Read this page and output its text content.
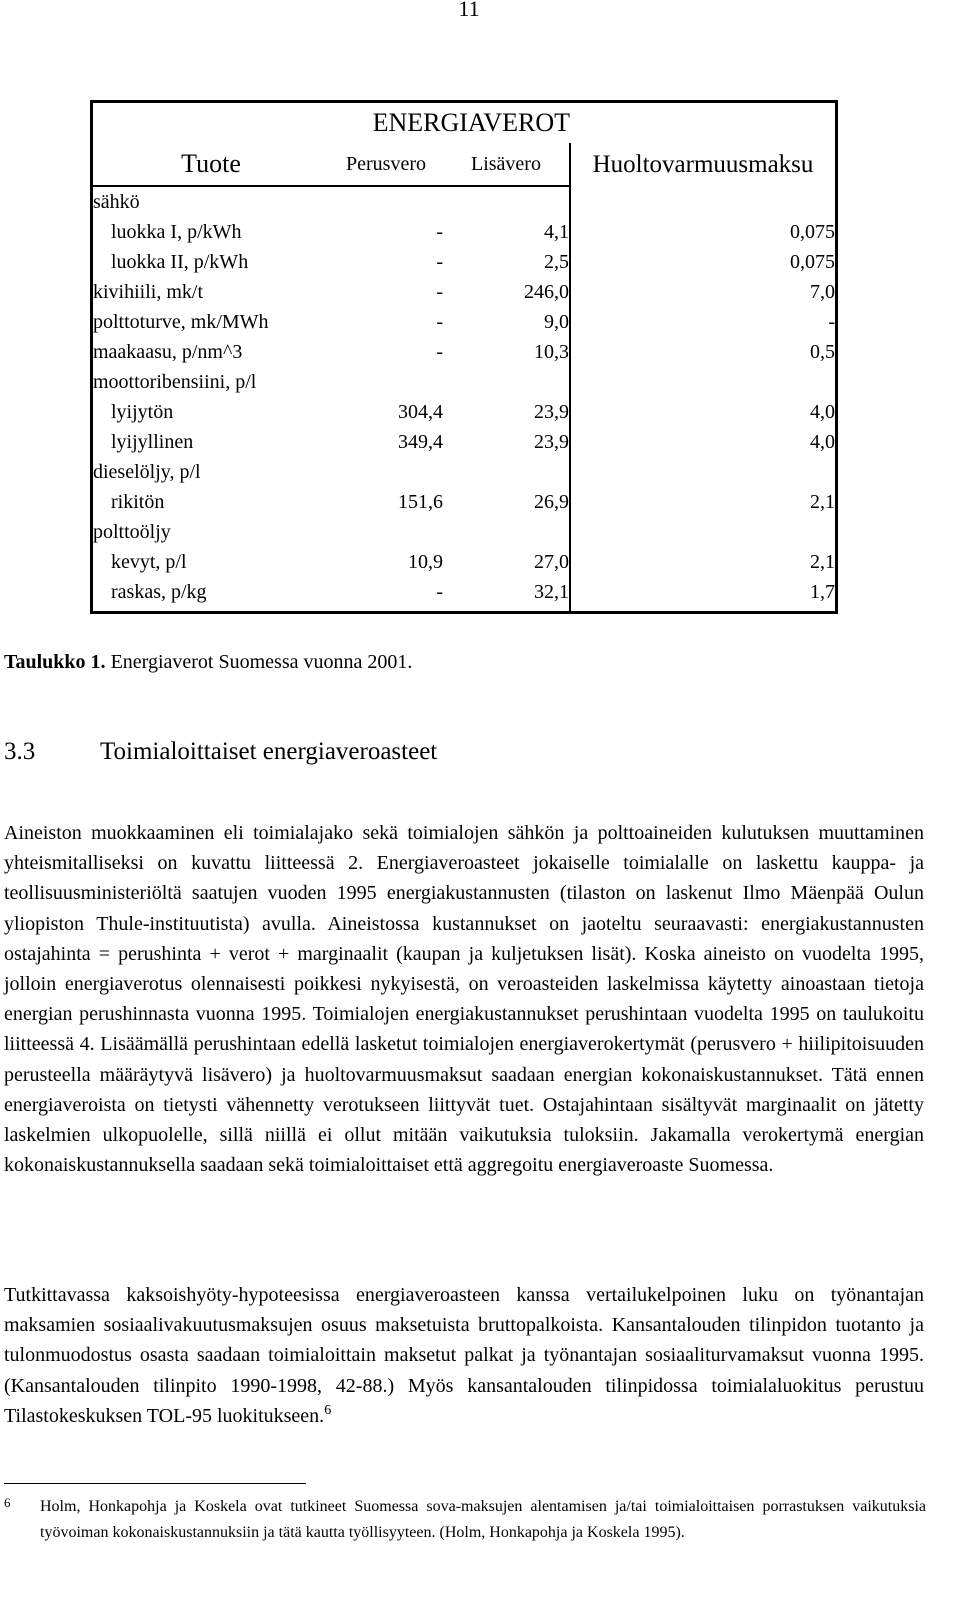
11
ENERGIAVEROT			
Tuote	Perusvero	Lisävero	Huoltovarmuusmaksu
sähkö			
luokka I, p/kWh	-	4,1	0,075
luokka II, p/kWh	-	2,5	0,075
kivihiili, mk/t	-	246,0	7,0
polttoturve, mk/MWh	-	9,0	-
maakaasu, p/nm^3	-	10,3	0,5
moottoribensiini, p/l			
lyijytön	304,4	23,9	4,0
lyijyllinen	349,4	23,9	4,0
dieselöljy, p/l			
rikitön	151,6	26,9	2,1
polttoöljy			
kevyt, p/l	10,9	27,0	2,1
raskas, p/kg	-	32,1	1,7
Taulukko 1. Energiaverot Suomessa vuonna 2001.
3.3	Toimialoittaiset energiaveroasteet

Aineiston muokkaaminen eli toimialajako sekä toimialojen sähkön ja polttoaineiden kulutuksen muuttaminen yhteismitalliseksi on kuvattu liitteessä 2. Energiaveroasteet jokaiselle toimialalle on laskettu kauppa- ja teollisuusministeriöltä saatujen vuoden 1995 energiakustannusten (tilaston on laskenut Ilmo Mäenpää Oulun yliopiston Thule-instituutista) avulla. Aineistossa kustannukset on jaoteltu seuraavasti: energiakustannusten ostajahinta = perushinta + verot + marginaalit (kaupan ja kuljetuksen lisät). Koska aineisto on vuodelta 1995, jolloin energiaverotus olennaisesti poikkesi nykyisestä, on veroasteiden laskelmissa käytetty ainoastaan tietoja energian perushinnasta vuonna 1995. Toimialojen energiakustannukset perushintaan vuodelta 1995 on taulukoitu liitteessä 4. Lisäämällä perushintaan edellä lasketut toimialojen energiaverokertymät (perusvero + hiilipitoisuuden perusteella määräytyvä lisävero) ja huoltovarmuusmaksut saadaan energian kokonaiskustannukset. Tätä ennen energiaveroista on tietysti vähennetty verotukseen liittyvät tuet. Ostajahintaan sisältyvät marginaalit on jätetty laskelmien ulkopuolelle, sillä niillä ei ollut mitään vaikutuksia tuloksiin. Jakamalla verokertymä energian kokonaiskustannuksella saadaan sekä toimialoittaiset että aggregoitu energiaveroaste Suomessa.

Tutkittavassa kaksoishyöty-hypoteesissa energiaveroasteen kanssa vertailukelpoinen luku on työnantajan maksamien sosiaalivakuutusmaksujen osuus maksetuista bruttopalkoista. Kansantalouden tilinpidon tuotanto ja tulonmuodostus osasta saadaan toimialoittain maksetut palkat ja työnantajan sosiaaliturvamaksut vuonna 1995. (Kansantalouden tilinpito 1990-1998, 42-88.) Myös kansantalouden tilinpidossa toimialaluokitus perustuu Tilastokeskuksen TOL-95 luokitukseen.$^6$

6 Holm, Honkapohja ja Koskela ovat tutkineet Suomessa sova-maksujen alentamisen ja/tai toimialoittaisen porrastuksen vaikutuksia työvoiman kokonaiskustannuksiin ja tätä kautta työllisyyteen. (Holm, Honkapohja ja Koskela 1995).
